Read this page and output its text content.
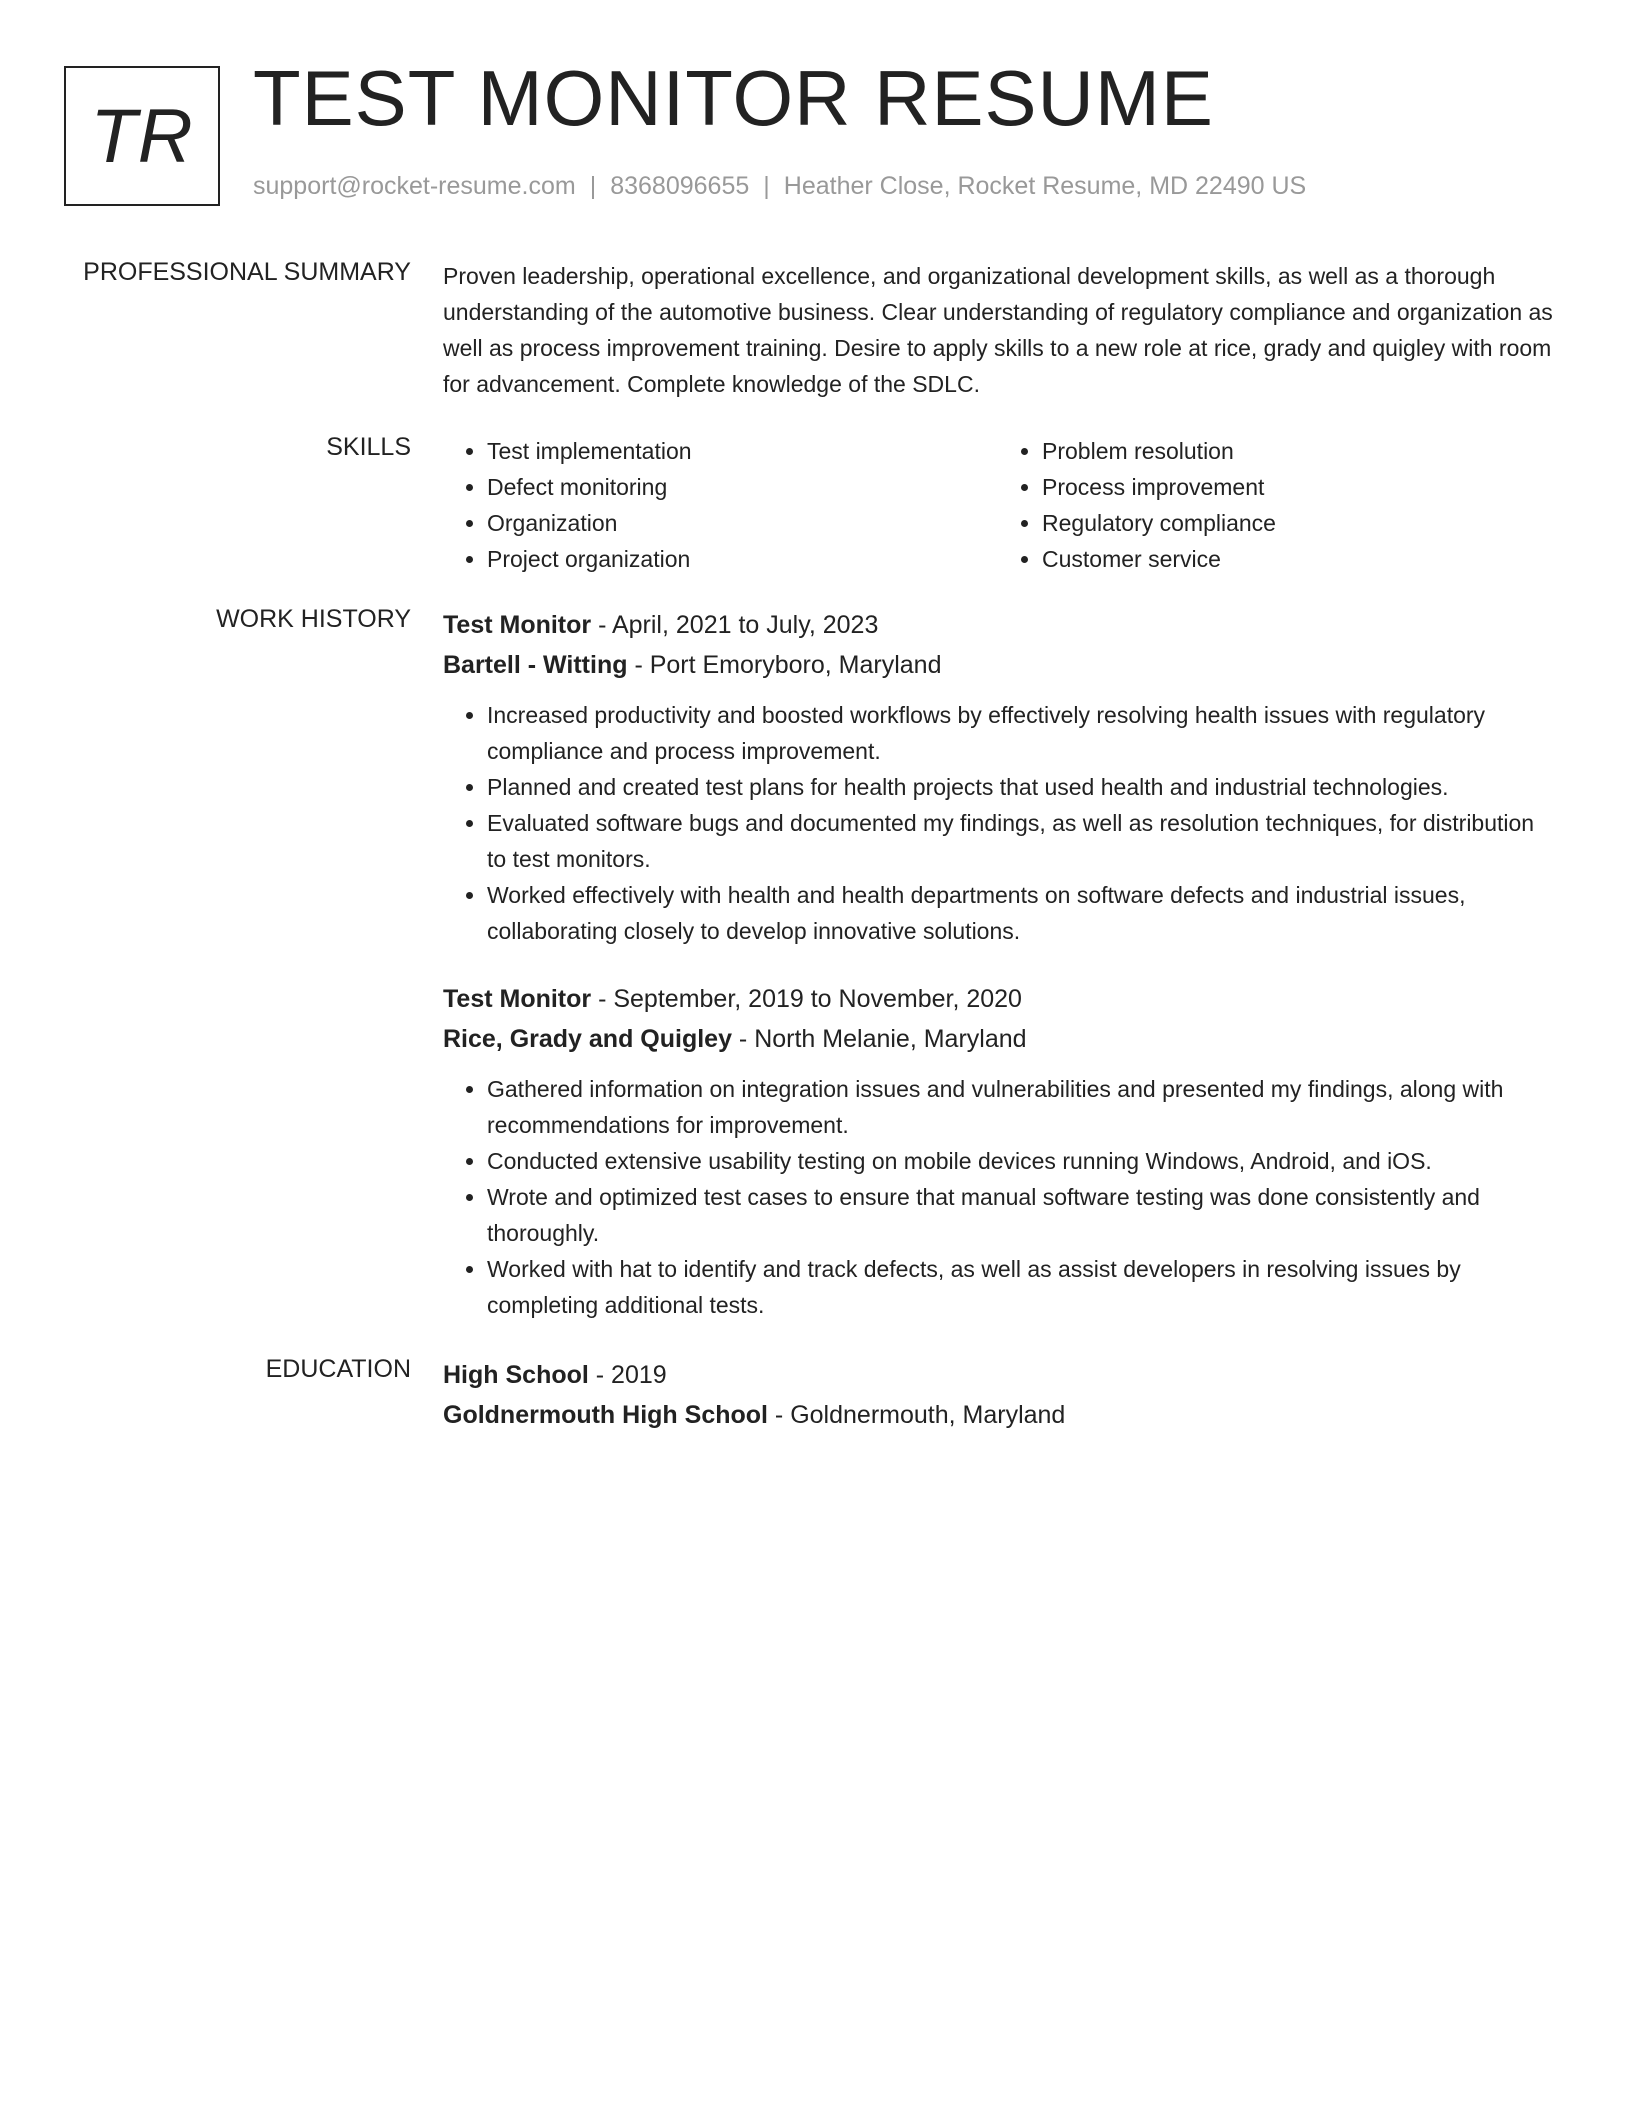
TR TEST MONITOR RESUME
support@rocket-resume.com | 8368096655 | Heather Close, Rocket Resume, MD 22490 US
PROFESSIONAL SUMMARY Proven leadership, operational excellence, and organizational development skills, as well as a thorough understanding of the automotive business. Clear understanding of regulatory compliance and organization as well as process improvement training. Desire to apply skills to a new role at rice, grady and quigley with room for advancement. Complete knowledge of the SDLC.

SKILLS
•	Test implementation
• Defect monitoring
• Organization
• Project organization
• Problem resolution
• Process improvement
• Regulatory compliance
• Customer service
WORK HISTORY Test Monitor - April, 2021 to July, 2023
Bartell - Witting - Port Emoryboro, Maryland
• Increased productivity and boosted workflows by effectively resolving health issues with regulatory compliance and process improvement.
• Planned and created test plans for health projects that used health and industrial technologies.
• Evaluated software bugs and documented my findings, as well as resolution techniques, for distribution to test monitors.
• Worked effectively with health and health departments on software defects and industrial issues, collaborating closely to develop innovative solutions.
Test Monitor - September, 2019 to November, 2020
Rice, Grady and Quigley - North Melanie, Maryland
• Gathered information on integration issues and vulnerabilities and presented my findings, along with recommendations for improvement.
• Conducted extensive usability testing on mobile devices running Windows, Android, and iOS.
• Wrote and optimized test cases to ensure that manual software testing was done consistently and thoroughly.
• Worked with hat to identify and track defects, as well as assist developers in resolving issues by completing additional tests.
EDUCATION High School - 2019
Goldnermouth High School - Goldnermouth, Maryland
